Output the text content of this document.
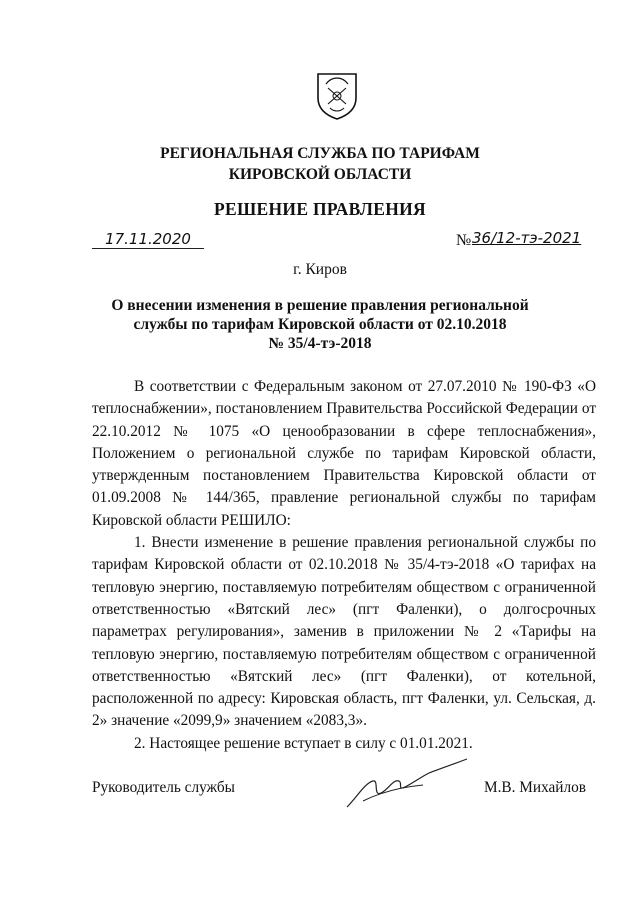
РЕГИОНАЛЬНАЯ СЛУЖБА ПО ТАРИФАМ
КИРОВСКОЙ ОБЛАСТИ
РЕШЕНИЕ ПРАВЛЕНИЯ
17.11.2020	№ 36/12-тэ-2021
г. Киров
О внесении изменения в решение правления региональной
службы по тарифам Кировской области от 02.10.2018
№ 35/4-тэ-2018

В соответствии с Федеральным законом от 27.07.2010 № 190-ФЗ «О теплоснабжении», постановлением Правительства Российской Федерации от 22.10.2012 № 1075 «О ценообразовании в сфере теплоснабжения», Положением о региональной службе по тарифам Кировской области, утвержденным постановлением Правительства Кировской области от 01.09.2008 № 144/365, правление региональной службы по тарифам Кировской области РЕШИЛО:

1. Внести изменение в решение правления региональной службы по тарифам Кировской области от 02.10.2018 № 35/4-тэ-2018 «О тарифах на тепловую энергию, поставляемую потребителям обществом с ограниченной ответственностью «Вятский лес» (пгт Фаленки), о долгосрочных параметрах регулирования», заменив в приложении № 2 «Тарифы на тепловую энергию, поставляемую потребителям обществом с ограниченной ответственностью «Вятский лес» (пгт Фаленки), от котельной, расположенной по адресу: Кировская область, пгт Фаленки, ул. Сельская, д. 2» значение «2099,9» значением «2083,3».

2. Настоящее решение вступает в силу с 01.01.2021.

Руководитель службы	М.В. Михайлов
